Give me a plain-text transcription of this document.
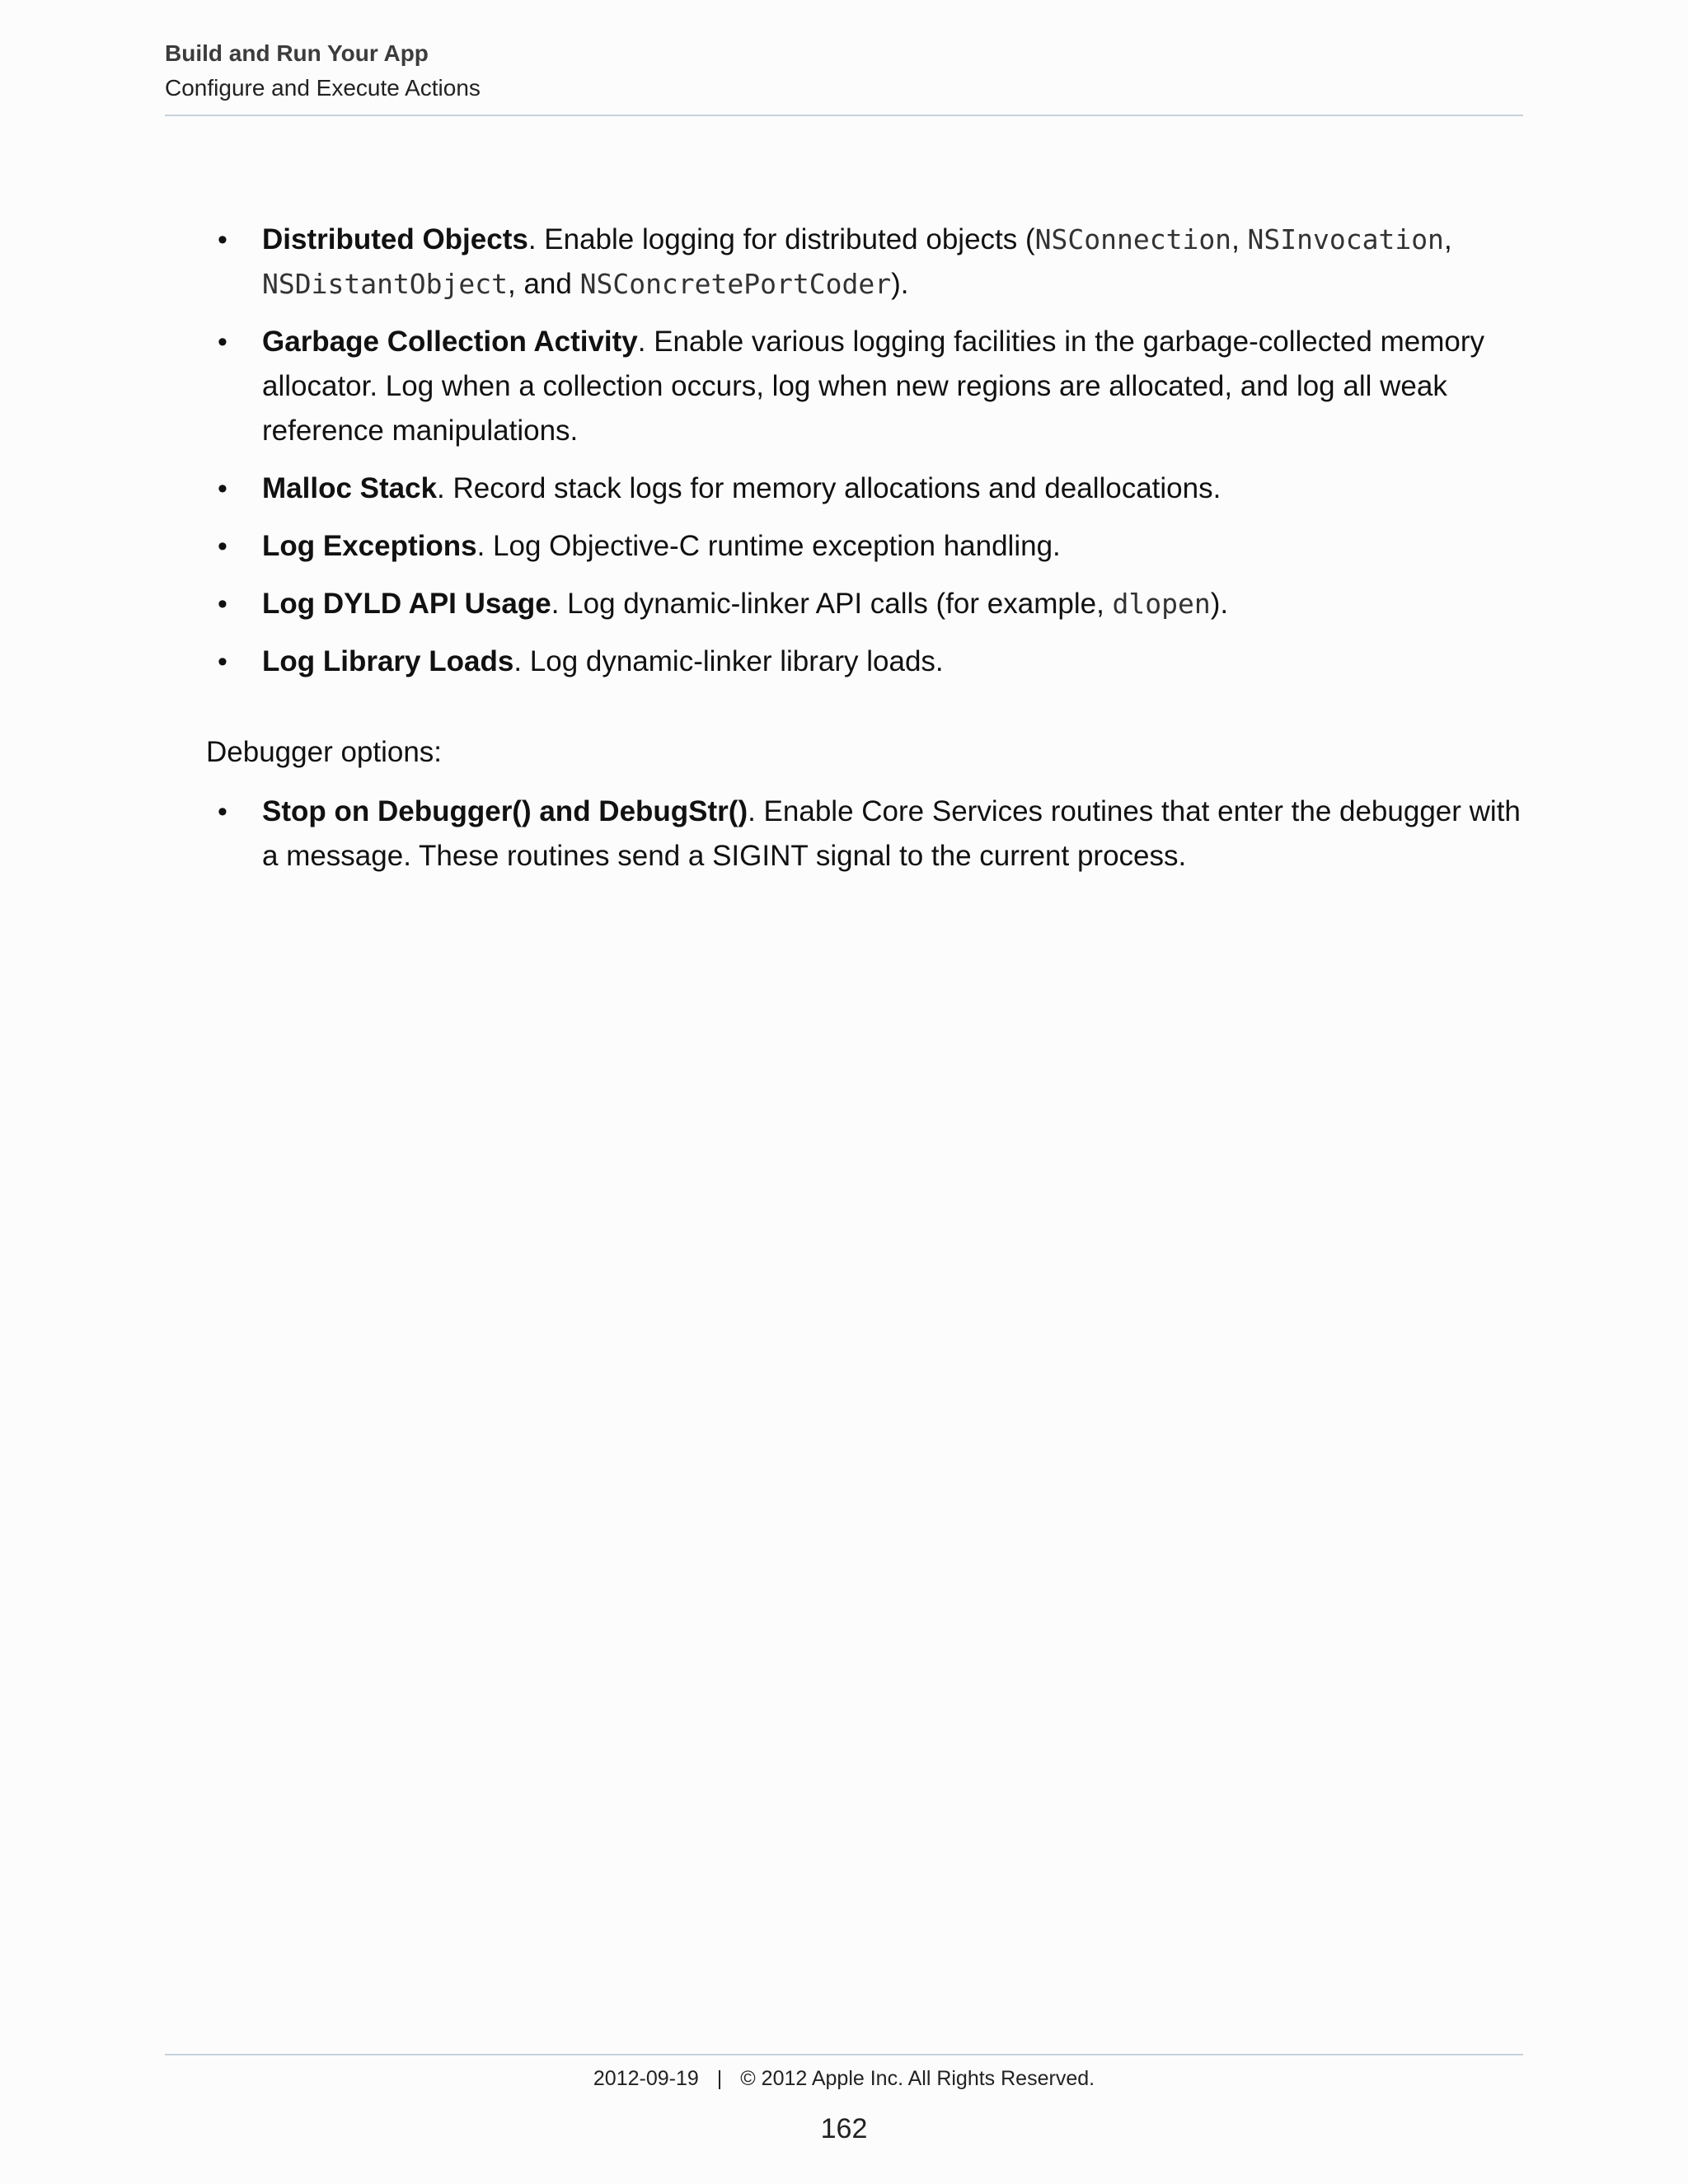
Build and Run Your App
Configure and Execute Actions
• Distributed Objects. Enable logging for distributed objects (NSConnection, NSInvocation, NSDistantObject, and NSConcretePortCoder).
• Garbage Collection Activity. Enable various logging facilities in the garbage-collected memory allocator. Log when a collection occurs, log when new regions are allocated, and log all weak reference manipulations.
• Malloc Stack. Record stack logs for memory allocations and deallocations.
• Log Exceptions. Log Objective-C runtime exception handling.
• Log DYLD API Usage. Log dynamic-linker API calls (for example, dlopen).
• Log Library Loads. Log dynamic-linker library loads.

Debugger options:

• Stop on Debugger() and DebugStr(). Enable Core Services routines that enter the debugger with a message. These routines send a SIGINT signal to the current process.
2012-09-19 | © 2012 Apple Inc. All Rights Reserved.
162
